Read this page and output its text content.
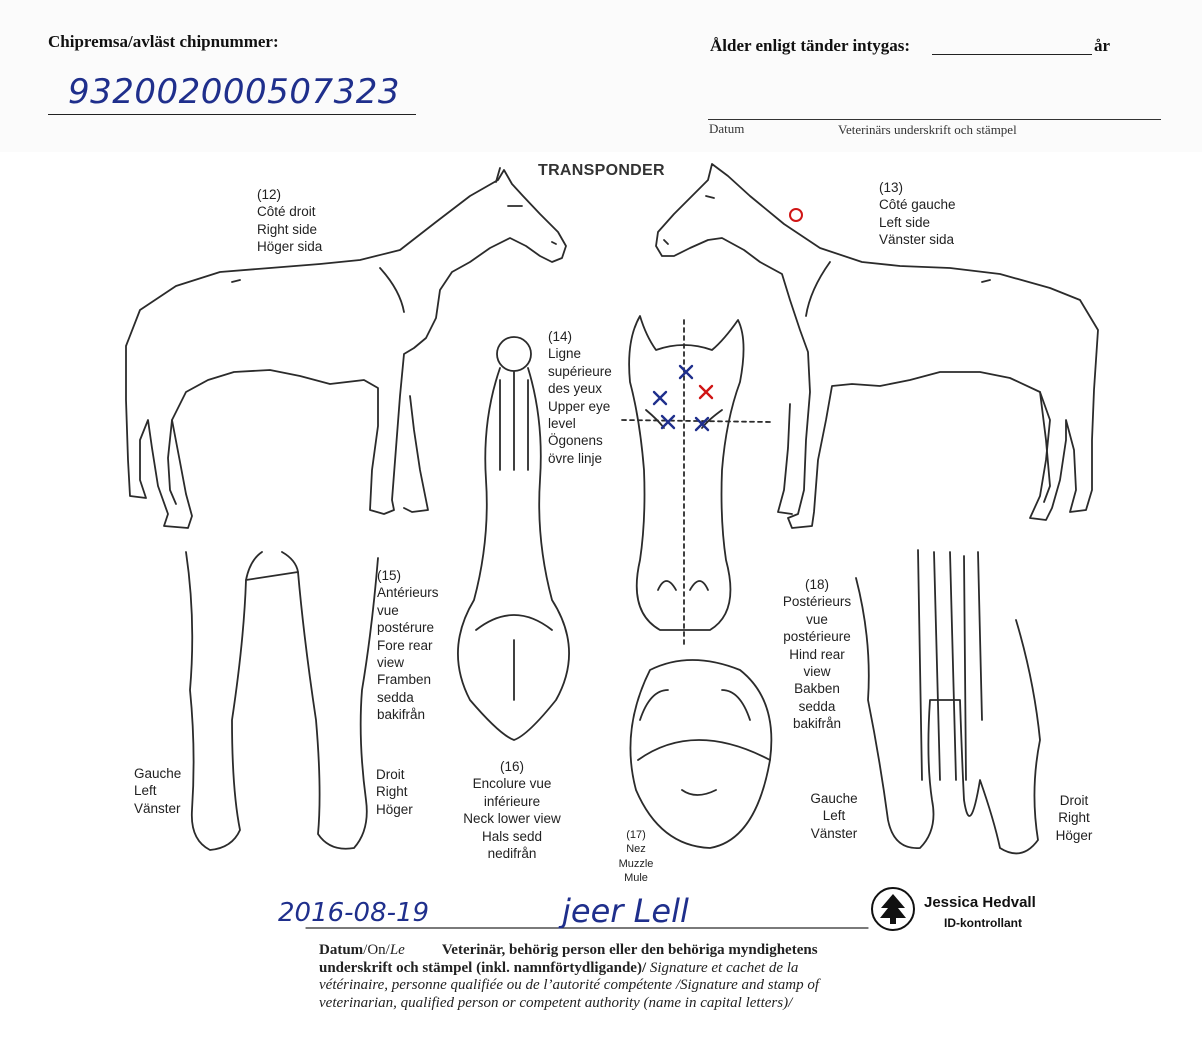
Chipremsa/avläst chipnummer:
932002000507323
Ålder enligt tänder intygas:	år
Datum	Veterinärs underskrift och stämpel
TRANSPONDER
(12)
Côté droit
Right side
Höger sida
(13)
Côté gauche
Left side
Vänster sida
(14)
Ligne
supérieure
des yeux
Upper eye
level
Ögonens
övre linje
(15)
Antérieurs
vue
postérure
Fore rear
view
Framben
sedda
bakifrån
(16)
Encolure vue
inférieure
Neck lower view
Hals sedd
nedifrån
(17)
Nez
Muzzle
Mule
(18)
Postérieurs
vue
postérieure
Hind rear
view
Bakben
sedda
bakifrån
Gauche
Left
Vänster
Droit
Right
Höger
Gauche
Left
Vänster
Droit
Right
Höger
2016-08-19	jeer Lell	Jessica Hedvall
ID-kontrollant
Datum/On/Le Veterinär, behörig person eller den behöriga myndighetens
underskrift och stämpel (inkl. namnförtydligande)/ Signature et cachet de la
vétérinaire, personne qualifiée ou de l’autorité compétente /Signature and stamp of
veterinarian, qualified person or competent authority (name in capital letters)/
